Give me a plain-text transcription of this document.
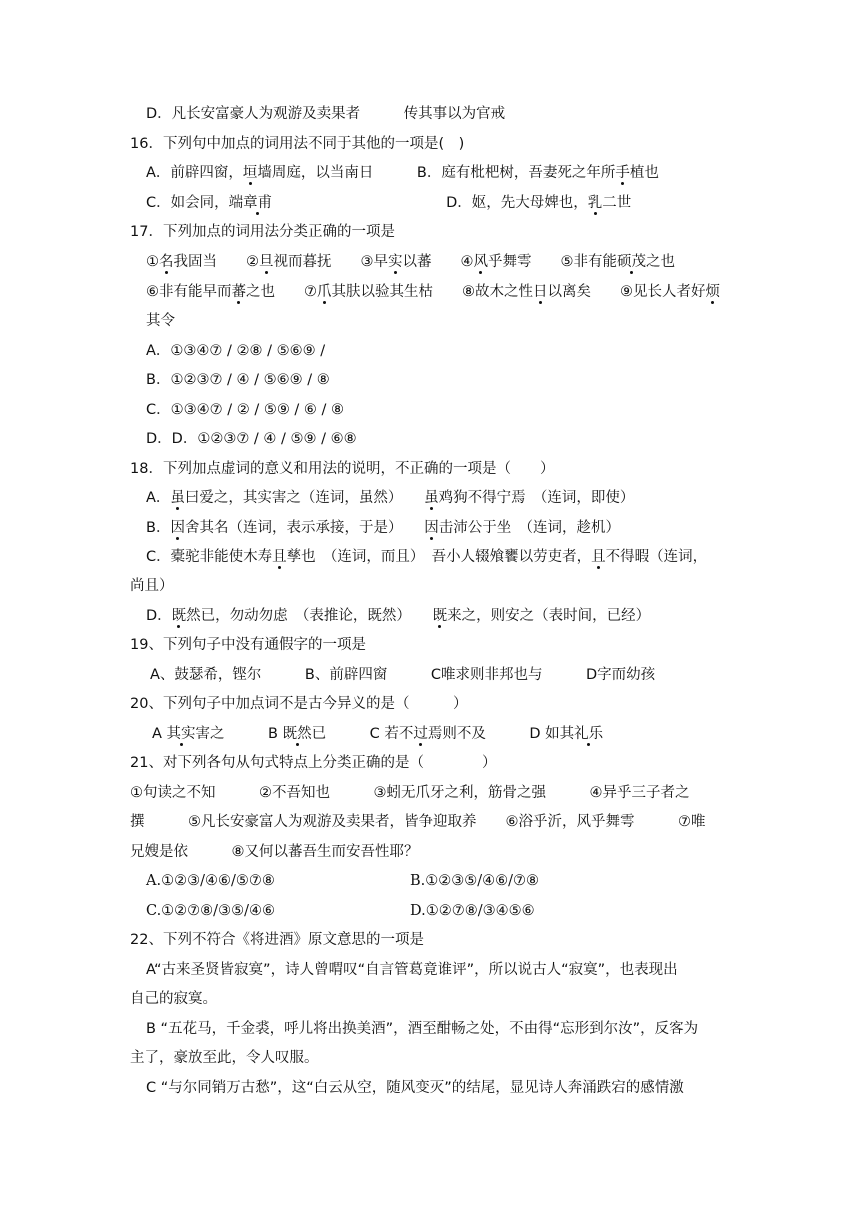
D．凡长安富豪人为观游及卖果者　　　传其事以为官戒
16．下列句中加点的词用法不同于其他的一项是(　)
A．前辟四窗，垣墙周庭，以当南日　　　B．庭有枇杷树，吾妻死之年所手植也
C．如会同，端章甫　　　　　　　　　　　　D．妪，先大母婢也，乳二世
17．下列加点的词用法分类正确的一项是
①名我固当　　②旦视而暮抚　　③早实以蕃　　④风乎舞雩　　⑤非有能硕茂之也
⑥非有能早而蕃之也　　⑦爪其肤以验其生枯　　⑧故木之性日以离矣　　⑨见长人者好烦
其令
A．①③④⑦ / ②⑧ / ⑤⑥⑨ /
B．①②③⑦ / ④ / ⑤⑥⑨ / ⑧
C．①③④⑦ / ② / ⑤⑨ / ⑥ / ⑧
D．D．①②③⑦ / ④ / ⑤⑨ / ⑥⑧
18．下列加点虚词的意义和用法的说明，不正确的一项是（　　）
A．虽曰爱之，其实害之（连词，虽然）　　虽鸡狗不得宁焉　（连词，即使）
B．因舍其名（连词，表示承接，于是）　　因击沛公于坐　（连词，趁机）
C．橐驼非能使木寿且孳也　（连词，而且）　吾小人辍飧饔以劳吏者，且不得暇（连词，
尚且）
D．既然已，勿动勿虑　（表推论，既然）　　既来之，则安之（表时间，已经）
19、下列句子中没有通假字的一项是
A、鼓瑟希，铿尔　　　B、前辟四窗　　　C唯求则非邦也与　　　D字而幼孩
20、下列句子中加点词不是古今异义的是（　　　）
A 其实害之　　　B 既然已　　　C 若不过焉则不及　　　D 如其礼乐
21、对下列各句从句式特点上分类正确的是（　　　　）
①句读之不知　　　②不吾知也　　　③蚓无爪牙之利，筋骨之强　　　④异乎三子者之
撰　　　⑤凡长安豪富人为观游及卖果者，皆争迎取养　　⑥浴乎沂，风乎舞雩　　　⑦唯
兄嫂是依　　　⑧又何以蕃吾生而安吾性耶？
A.①②③/④⑥/⑤⑦⑧	B.①②③⑤/④⑥/⑦⑧
C.①②⑦⑧/③⑤/④⑥	D.①②⑦⑧/③④⑤⑥
22、下列不符合《将进酒》原文意思的一项是
A“古来圣贤皆寂寞”，诗人曾喟叹“自言管葛竟谁评”，所以说古人“寂寞”，也表现出
自己的寂寞。
B “五花马，千金裘，呼儿将出换美酒”，酒至酣畅之处，不由得“忘形到尔汝”，反客为
主了，豪放至此，令人叹服。
C “与尔同销万古愁”，这“白云从空，随风变灭”的结尾，显见诗人奔涌跌宕的感情激
